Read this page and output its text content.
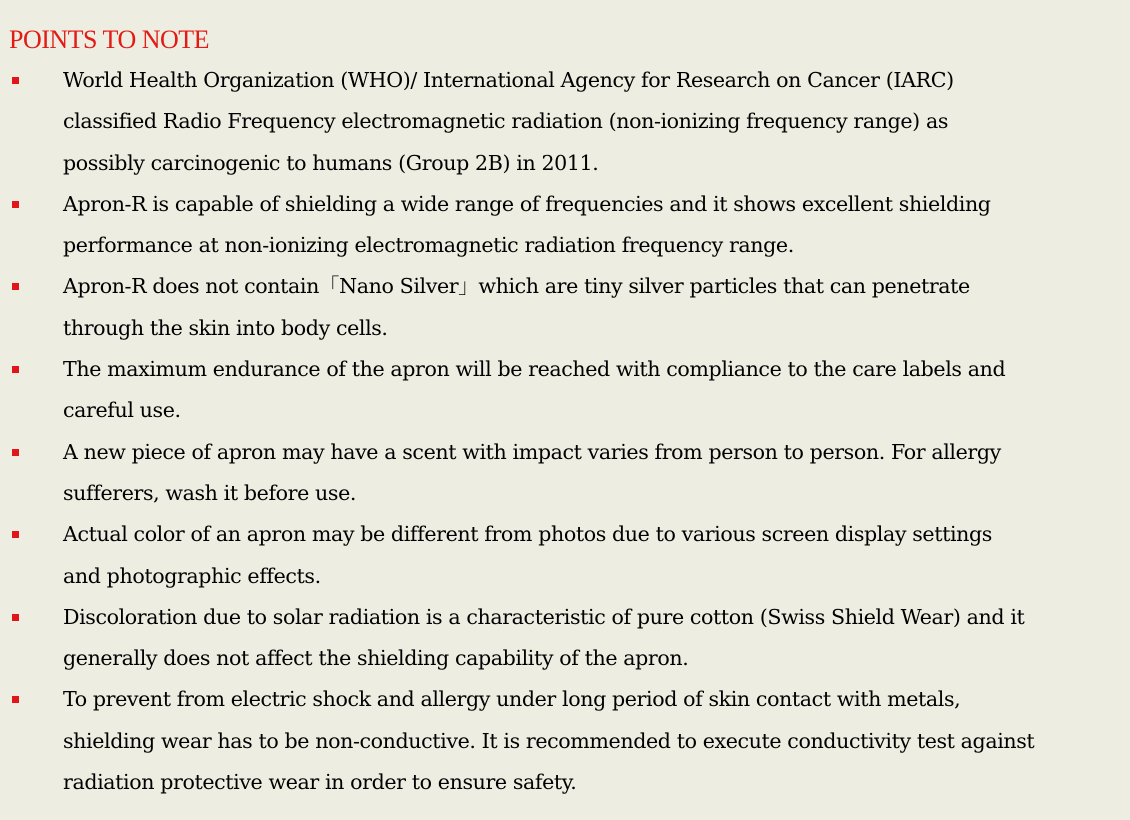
POINTS TO NOTE
World Health Organization (WHO)/ International Agency for Research on Cancer (IARC)
classified Radio Frequency electromagnetic radiation (non-ionizing frequency range) as
possibly carcinogenic to humans (Group 2B) in 2011.
Apron-R is capable of shielding a wide range of frequencies and it shows excellent shielding
performance at non-ionizing electromagnetic radiation frequency range.
Apron-R does not contain「Nano Silver」which are tiny silver particles that can penetrate
through the skin into body cells.
The maximum endurance of the apron will be reached with compliance to the care labels and
careful use.
A new piece of apron may have a scent with impact varies from person to person. For allergy
sufferers, wash it before use.
Actual color of an apron may be different from photos due to various screen display settings
and photographic effects.
Discoloration due to solar radiation is a characteristic of pure cotton (Swiss Shield Wear) and it
generally does not affect the shielding capability of the apron.
To prevent from electric shock and allergy under long period of skin contact with metals,
shielding wear has to be non-conductive. It is recommended to execute conductivity test against
radiation protective wear in order to ensure safety.
